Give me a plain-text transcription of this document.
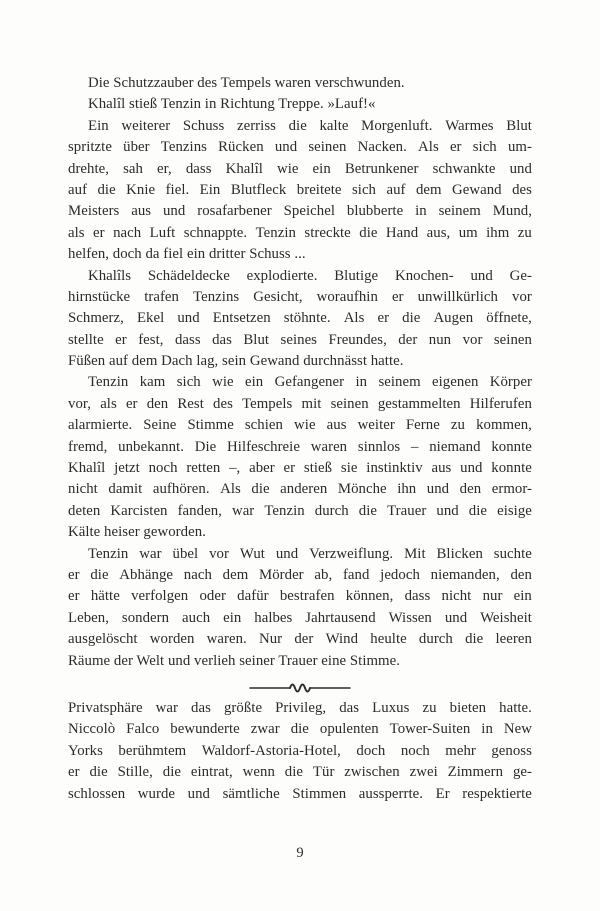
Die Schutzzauber des Tempels waren verschwunden.
Khalîl stieß Tenzin in Richtung Treppe. »Lauf!«
Ein weiterer Schuss zerriss die kalte Morgenluft. Warmes Blut
spritzte über Tenzins Rücken und seinen Nacken. Als er sich um-
drehte, sah er, dass Khalîl wie ein Betrunkener schwankte und
auf die Knie fiel. Ein Blutfleck breitete sich auf dem Gewand des
Meisters aus und rosafarbener Speichel blubberte in seinem Mund,
als er nach Luft schnappte. Tenzin streckte die Hand aus, um ihm zu
helfen, doch da fiel ein dritter Schuss ...
Khalîls Schädeldecke explodierte. Blutige Knochen- und Ge-
hirnstücke trafen Tenzins Gesicht, woraufhin er unwillkürlich vor
Schmerz, Ekel und Entsetzen stöhnte. Als er die Augen öffnete,
stellte er fest, dass das Blut seines Freundes, der nun vor seinen
Füßen auf dem Dach lag, sein Gewand durchnässt hatte.
Tenzin kam sich wie ein Gefangener in seinem eigenen Körper
vor, als er den Rest des Tempels mit seinen gestammelten Hilferufen
alarmierte. Seine Stimme schien wie aus weiter Ferne zu kommen,
fremd, unbekannt. Die Hilfeschreie waren sinnlos – niemand konnte
Khalîl jetzt noch retten –, aber er stieß sie instinktiv aus und konnte
nicht damit aufhören. Als die anderen Mönche ihn und den ermor-
deten Karcisten fanden, war Tenzin durch die Trauer und die eisige
Kälte heiser geworden.
Tenzin war übel vor Wut und Verzweiflung. Mit Blicken suchte
er die Abhänge nach dem Mörder ab, fand jedoch niemanden, den
er hätte verfolgen oder dafür bestrafen können, dass nicht nur ein
Leben, sondern auch ein halbes Jahrtausend Wissen und Weisheit
ausgelöscht worden waren. Nur der Wind heulte durch die leeren
Räume der Welt und verlieh seiner Trauer eine Stimme.
Privatsphäre war das größte Privileg, das Luxus zu bieten hatte.
Niccolò Falco bewunderte zwar die opulenten Tower-Suiten in New
Yorks berühmtem Waldorf-Astoria-Hotel, doch noch mehr genoss
er die Stille, die eintrat, wenn die Tür zwischen zwei Zimmern ge-
schlossen wurde und sämtliche Stimmen aussperrte. Er respektierte
9
